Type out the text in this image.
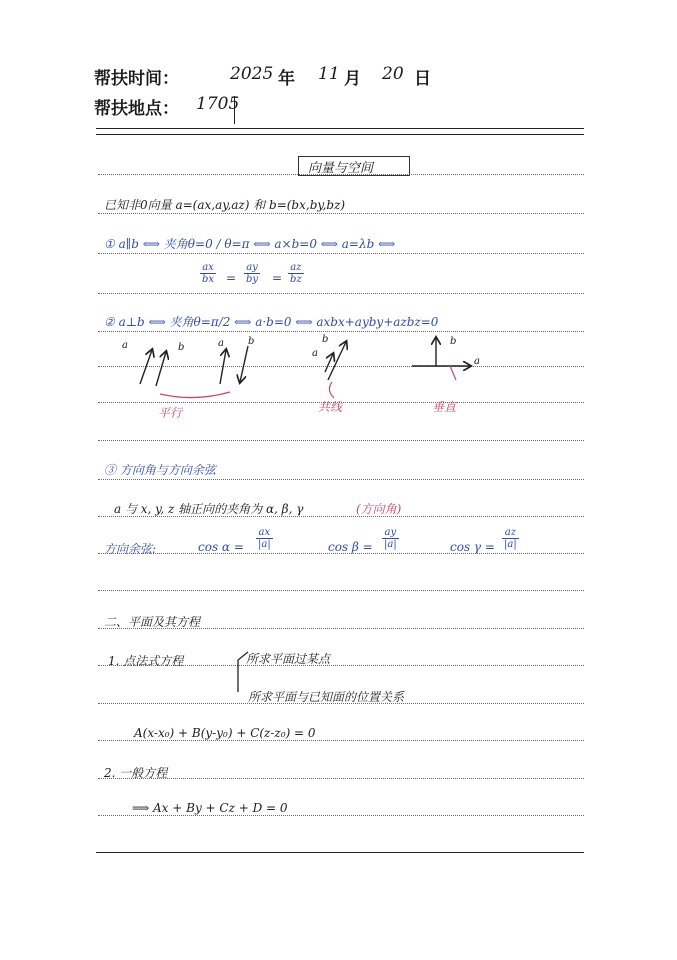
帮扶时间：	2025 年 11 月 20 日
帮扶地点： 1705
向量与空间
已知非0向量 a=(ax,ay,az) 和 b=(bx,by,bz)
① a∥b ⟺ 夹角θ=0 / θ=π ⟺ a×b=0 ⟺ a=λb ⟺
$\frac{ax}{bx} = \frac{ay}{by} = \frac{az}{bz}$
② a⊥b ⟺ 夹角θ=π/2 ⟺ a·b=0 ⟺ axbx+ayby+azbz=0
a	b	a b
a
b	b
a
平行	共线	垂直
③ 方向角与方向余弦
a 与 x, y, z 轴正向的夹角为 α, β, γ	(方向角)
方向余弦:	$\cos \alpha = \frac{ax}{|a|}$	$\cos \beta = \frac{ay}{|a|}$	$\cos \gamma = \frac{az}{|a|}$
二、平面及其方程
1. 点法式方程	所求平面过某点
所求平面与已知面的位置关系
A(x-x₀) + B(y-y₀) + C(z-z₀) = 0
2. 一般方程
⟹ Ax + By + Cz + D = 0
